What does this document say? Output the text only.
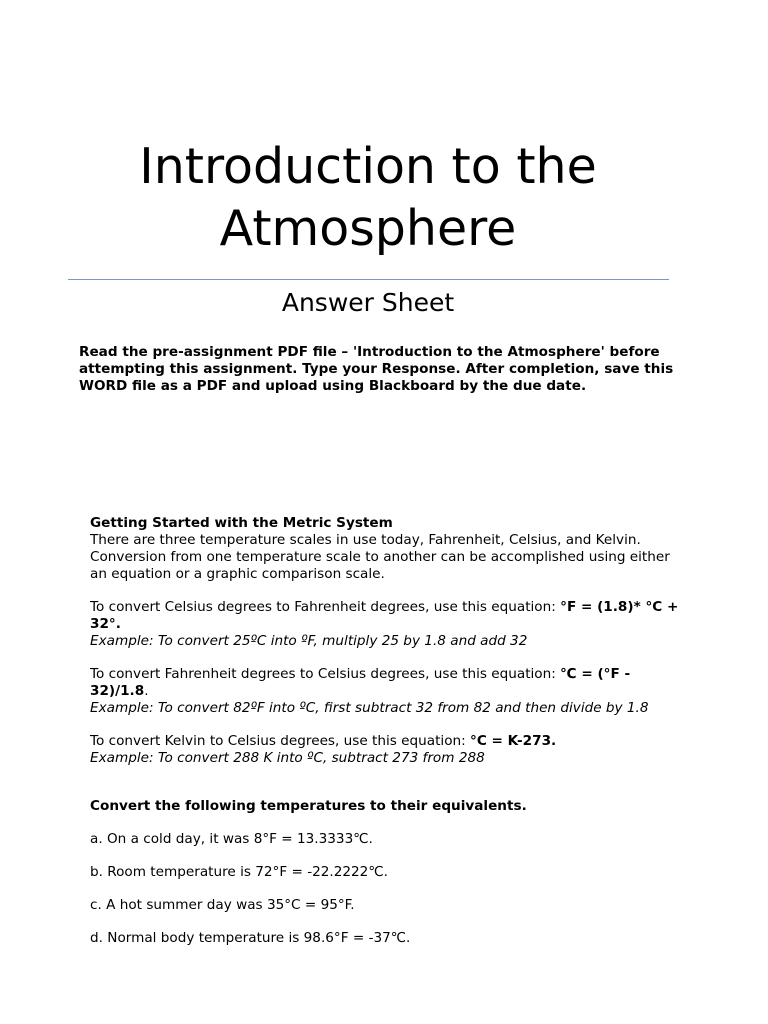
Introduction to the
Atmosphere
Answer Sheet

Read the pre-assignment PDF file – 'Introduction to the Atmosphere' before attempting this assignment. Type your Response. After completion, save this WORD file as a PDF and upload using Blackboard by the due date.

Getting Started with the Metric System

There are three temperature scales in use today, Fahrenheit, Celsius, and Kelvin. Conversion from one temperature scale to another can be accomplished using either an equation or a graphic comparison scale.

To convert Celsius degrees to Fahrenheit degrees, use this equation: °F = (1.8)* °C + 32°.

Example: To convert 25ºC into ºF, multiply 25 by 1.8 and add 32

To convert Fahrenheit degrees to Celsius degrees, use this equation: ℃ = (°F - 32)/1.8.

Example: To convert 82ºF into ºC, first subtract 32 from 82 and then divide by 1.8

To convert Kelvin to Celsius degrees, use this equation: °C = K-273.

Example: To convert 288 K into ºC, subtract 273 from 288

Convert the following temperatures to their equivalents.

a. On a cold day, it was 8°F = 13.3333℃.

b. Room temperature is 72°F = -22.2222℃.

c. A hot summer day was 35°C = 95°F.

d. Normal body temperature is 98.6°F = -37℃.
